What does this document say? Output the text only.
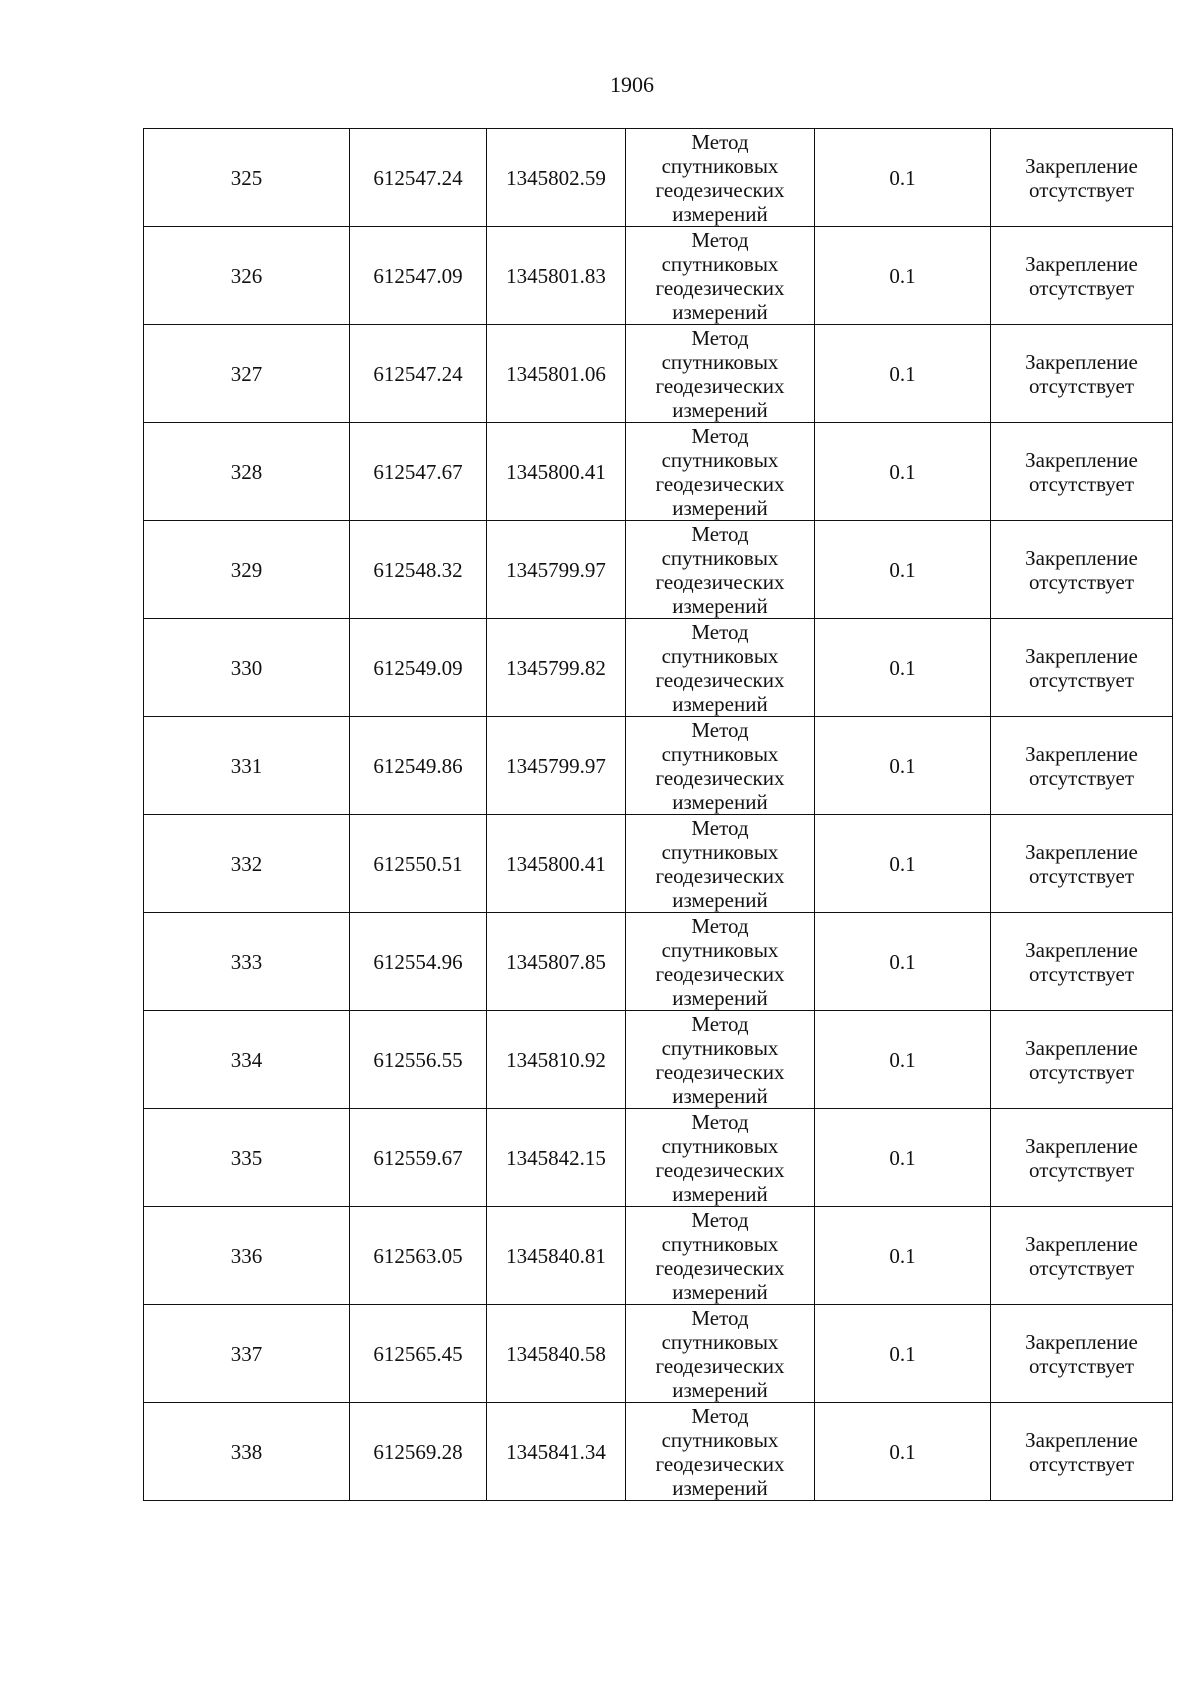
1906
325	612547.24	1345802.59	Метод
спутниковых
геодезических
измерений	0.1	Закрепление
отсутствует

326	612547.09	1345801.83	Метод
спутниковых
геодезических
измерений	0.1	Закрепление
отсутствует

327	612547.24	1345801.06	Метод
спутниковых
геодезических
измерений	0.1	Закрепление
отсутствует

328	612547.67	1345800.41	Метод
спутниковых
геодезических
измерений	0.1	Закрепление
отсутствует

329	612548.32	1345799.97	Метод
спутниковых
геодезических
измерений	0.1	Закрепление
отсутствует

330	612549.09	1345799.82	Метод
спутниковых
геодезических
измерений	0.1	Закрепление
отсутствует

331	612549.86	1345799.97	Метод
спутниковых
геодезических
измерений	0.1	Закрепление
отсутствует

332	612550.51	1345800.41	Метод
спутниковых
геодезических
измерений	0.1	Закрепление
отсутствует

333	612554.96	1345807.85	Метод
спутниковых
геодезических
измерений	0.1	Закрепление
отсутствует

334	612556.55	1345810.92	Метод
спутниковых
геодезических
измерений	0.1	Закрепление
отсутствует

335	612559.67	1345842.15	Метод
спутниковых
геодезических
измерений	0.1	Закрепление
отсутствует

336	612563.05	1345840.81	Метод
спутниковых
геодезических
измерений	0.1	Закрепление
отсутствует

337	612565.45	1345840.58	Метод
спутниковых
геодезических
измерений	0.1	Закрепление
отсутствует

338	612569.28	1345841.34	Метод
спутниковых
геодезических
измерений	0.1	Закрепление
отсутствует
